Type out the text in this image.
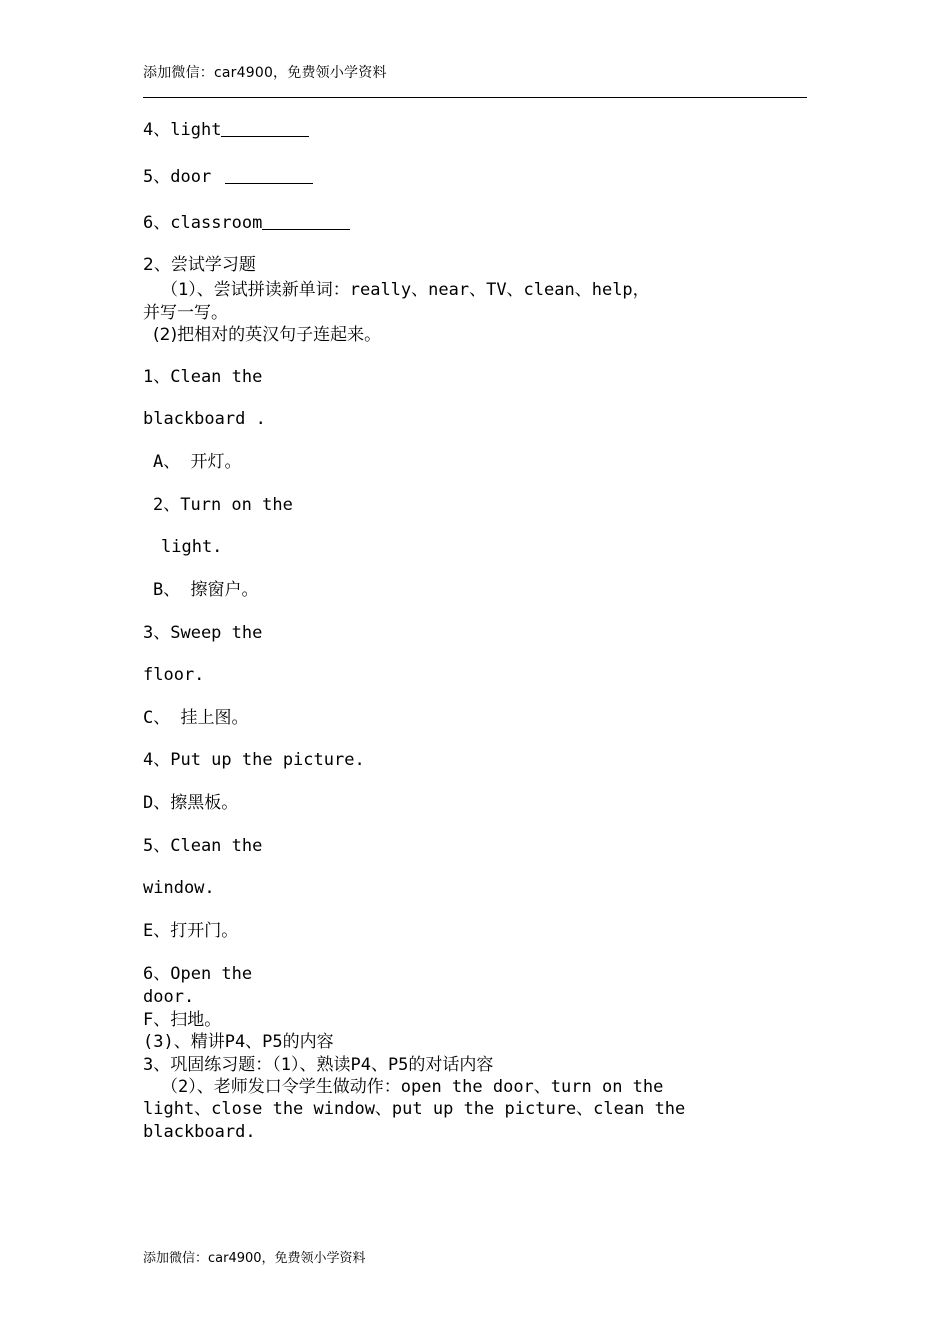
添加微信：car4900，免费领小学资料
4、light
5、door
6、classroom
2、尝试学习题
（1）、尝试拼读新单词：really、near、TV、clean、help，
并写一写。
(2)把相对的英汉句子连起来。
1、Clean the
blackboard .
A、 开灯。
2、Turn on the
light.
B、 擦窗户。
3、Sweep the
floor.
C、 挂上图。
4、Put up the picture.
D、擦黑板。
5、Clean the
window.
E、打开门。
6、Open the
door.
F、扫地。
(3)、精讲P4、P5的内容
3、巩固练习题：（1）、熟读P4、P5的对话内容
（2）、老师发口令学生做动作：open the door、turn on the
light、close the window、put up the picture、clean the
blackboard.
添加微信：car4900，免费领小学资料
